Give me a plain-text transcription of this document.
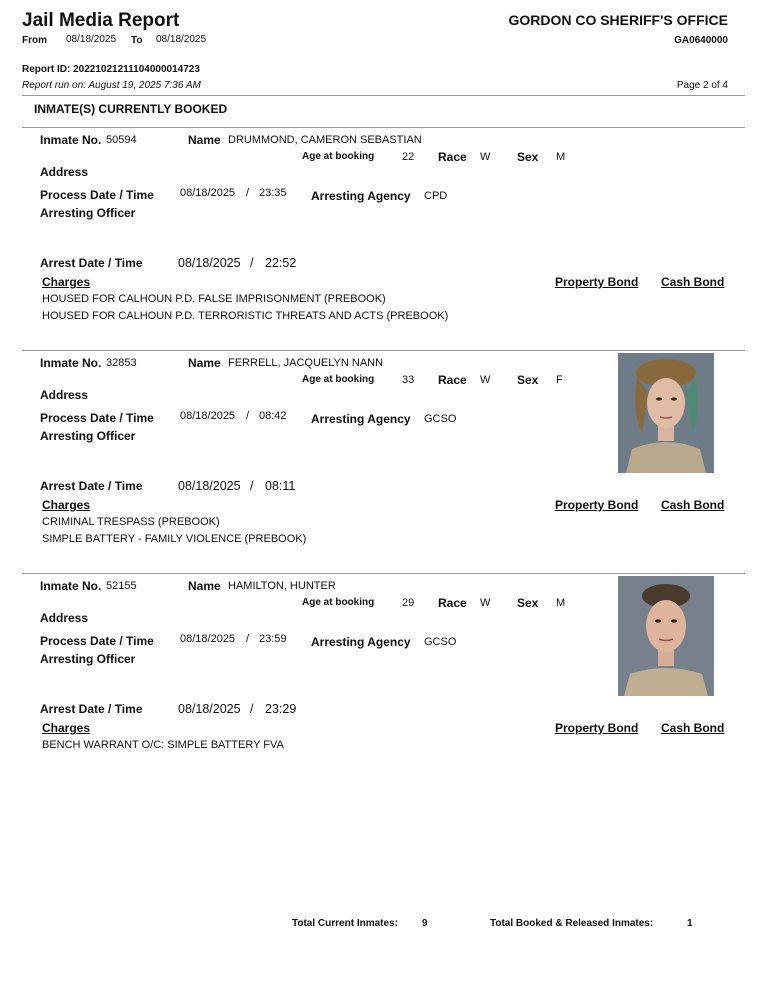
Jail Media Report
From 08/18/2025 To 08/18/2025
GORDON CO SHERIFF'S OFFICE
GA0640000
Report ID: 20221021211104000014723
Report run on: August 19, 2025 7:36 AM	Page 2 of 4
INMATE(S) CURRENTLY BOOKED
Inmate No. 50594	Name DRUMMOND, CAMERON SEBASTIAN
Age at booking	22 Race W Sex M
Address
Process Date / Time 08/18/2025 / 23:35 Arresting Agency CPD
Arresting Officer
Arrest Date / Time	08/18/2025 / 22:52
Charges	Property Bond Cash Bond
HOUSED FOR CALHOUN P.D. FALSE IMPRISONMENT (PREBOOK)
HOUSED FOR CALHOUN P.D. TERRORISTIC THREATS AND ACTS (PREBOOK)
Inmate No. 32853	Name FERRELL, JACQUELYN NANN
Age at booking	33 Race W Sex F
Address
Process Date / Time 08/18/2025 / 08:42 Arresting Agency GCSO
Arresting Officer
Arrest Date / Time	08/18/2025 / 08:11
Charges	Property Bond Cash Bond
CRIMINAL TRESPASS (PREBOOK)
SIMPLE BATTERY - FAMILY VIOLENCE (PREBOOK)
Inmate No. 52155	Name HAMILTON, HUNTER
Age at booking	29 Race W Sex M
Address
Process Date / Time 08/18/2025 / 23:59 Arresting Agency GCSO
Arresting Officer
Arrest Date / Time	08/18/2025 / 23:29
Charges	Property Bond Cash Bond
BENCH WARRANT O/C: SIMPLE BATTERY FVA
Total Current Inmates: 9	Total Booked & Released Inmates:	1
